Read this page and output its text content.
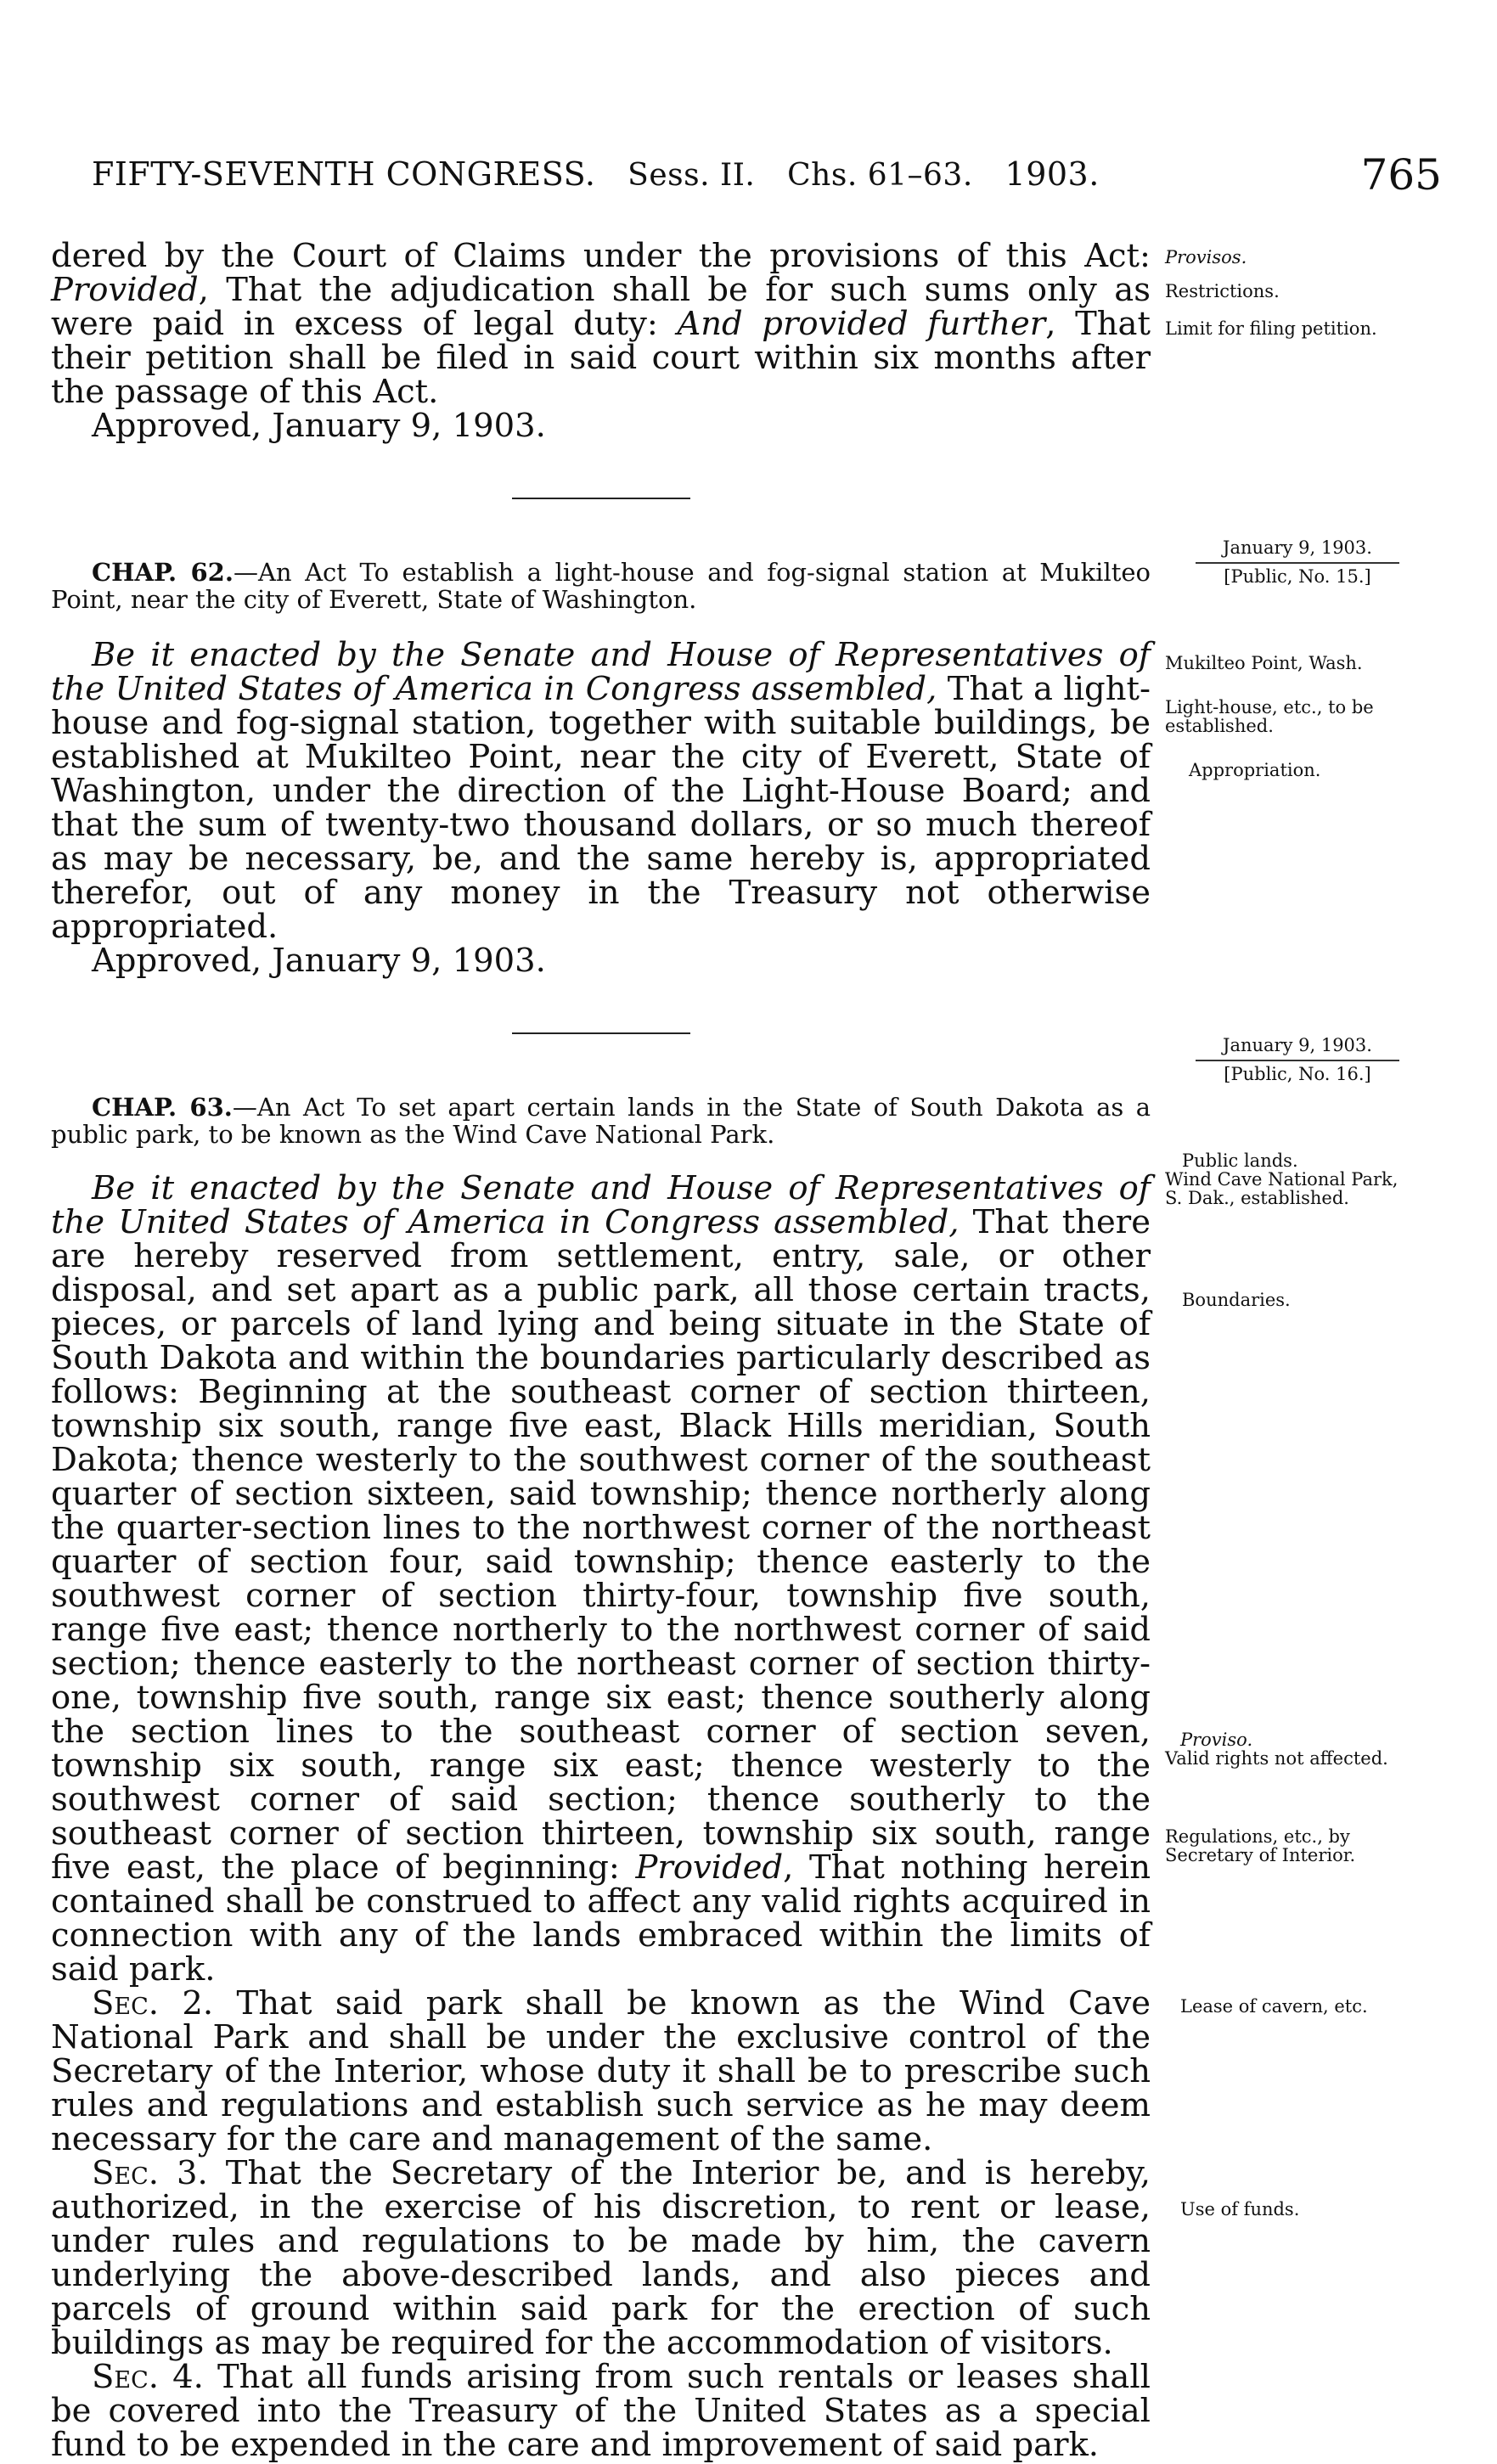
FIFTY-SEVENTH CONGRESS. Sess. II. Chs. 61–63. 1903.	765

dered by the Court of Claims under the provisions of this Act: Provided, That the adjudication shall be for such sums only as were paid in excess of legal duty: And provided further, That their petition shall be filed in said court within six months after the passage of this Act.

Approved, January 9, 1903.

CHAP. 62.—An Act To establish a light-house and fog-signal station at Mukilteo Point, near the city of Everett, State of Washington.

Be it enacted by the Senate and House of Representatives of the United States of America in Congress assembled, That a light-house and fog-signal station, together with suitable buildings, be established at Mukilteo Point, near the city of Everett, State of Washington, under the direction of the Light-House Board; and that the sum of twenty-two thousand dollars, or so much thereof as may be necessary, be, and the same hereby is, appropriated therefor, out of any money in the Treasury not otherwise appropriated.

Approved, January 9, 1903.

CHAP. 63.—An Act To set apart certain lands in the State of South Dakota as a public park, to be known as the Wind Cave National Park.

Be it enacted by the Senate and House of Representatives of the United States of America in Congress assembled, That there are hereby reserved from settlement, entry, sale, or other disposal, and set apart as a public park, all those certain tracts, pieces, or parcels of land lying and being situate in the State of South Dakota and within the boundaries particularly described as follows: Beginning at the southeast corner of section thirteen, township six south, range five east, Black Hills meridian, South Dakota; thence westerly to the southwest corner of the southeast quarter of section sixteen, said township; thence northerly along the quarter-section lines to the northwest corner of the northeast quarter of section four, said township; thence easterly to the southwest corner of section thirty-four, township five south, range five east; thence northerly to the northwest corner of said section; thence easterly to the northeast corner of section thirty-one, township five south, range six east; thence southerly along the section lines to the southeast corner of section seven, township six south, range six east; thence westerly to the southwest corner of said section; thence southerly to the southeast corner of section thirteen, township six south, range five east, the place of beginning: Provided, That nothing herein contained shall be construed to affect any valid rights acquired in connection with any of the lands embraced within the limits of said park.

Sec. 2. That said park shall be known as the Wind Cave National Park and shall be under the exclusive control of the Secretary of the Interior, whose duty it shall be to prescribe such rules and regulations and establish such service as he may deem necessary for the care and management of the same.

Sec. 3. That the Secretary of the Interior be, and is hereby, authorized, in the exercise of his discretion, to rent or lease, under rules and regulations to be made by him, the cavern underlying the above-described lands, and also pieces and parcels of ground within said park for the erection of such buildings as may be required for the accommodation of visitors.

Sec. 4. That all funds arising from such rentals or leases shall be covered into the Treasury of the United States as a special fund to be expended in the care and improvement of said park.

Provisos.
Restrictions.
Limit for filing petition.
January 9, 1903.
[Public, No. 15.]
Mukilteo Point, Wash.
Light-house, etc., to be established.
Appropriation.
January 9, 1903.
[Public, No. 16.]
Public lands.
Wind Cave National Park, S. Dak., established.
Boundaries.
Proviso.
Valid rights not affected.
Regulations, etc., by Secretary of Interior.
Lease of cavern, etc.
Use of funds.
